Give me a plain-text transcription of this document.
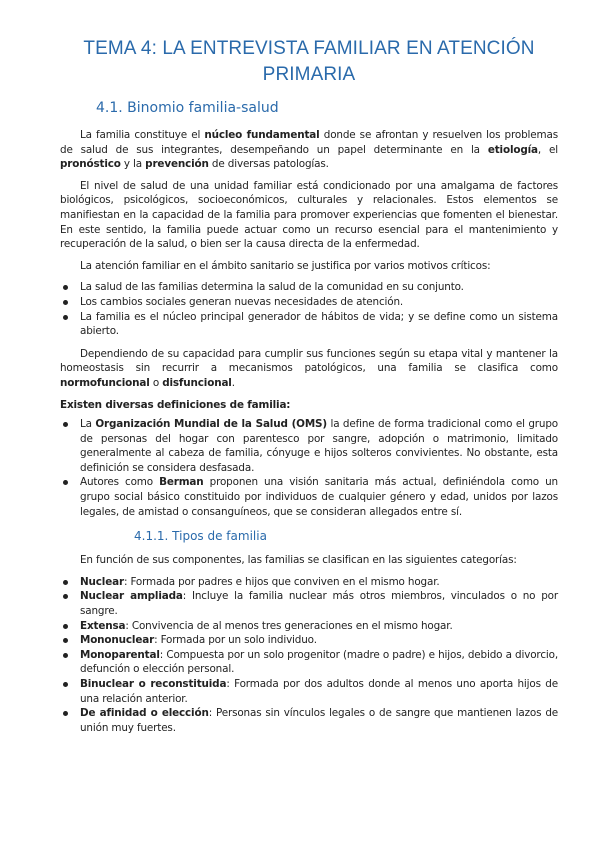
TEMA 4: LA ENTREVISTA FAMILIAR EN ATENCIÓN PRIMARIA
4.1. Binomio familia-salud

La familia constituye el núcleo fundamental donde se afrontan y resuelven los problemas de salud de sus integrantes, desempeñando un papel determinante en la etiología, el pronóstico y la prevención de diversas patologías.

El nivel de salud de una unidad familiar está condicionado por una amalgama de factores biológicos, psicológicos, socioeconómicos, culturales y relacionales. Estos elementos se manifiestan en la capacidad de la familia para promover experiencias que fomenten el bienestar. En este sentido, la familia puede actuar como un recurso esencial para el mantenimiento y recuperación de la salud, o bien ser la causa directa de la enfermedad.

La atención familiar en el ámbito sanitario se justifica por varios motivos críticos:

La salud de las familias determina la salud de la comunidad en su conjunto.
Los cambios sociales generan nuevas necesidades de atención.
La familia es el núcleo principal generador de hábitos de vida; y se define como un sistema abierto.

Dependiendo de su capacidad para cumplir sus funciones según su etapa vital y mantener la homeostasis sin recurrir a mecanismos patológicos, una familia se clasifica como normofuncional o disfuncional.

Existen diversas definiciones de familia:

La Organización Mundial de la Salud (OMS) la define de forma tradicional como el grupo de personas del hogar con parentesco por sangre, adopción o matrimonio, limitado generalmente al cabeza de familia, cónyuge e hijos solteros convivientes. No obstante, esta definición se considera desfasada.
Autores como Berman proponen una visión sanitaria más actual, definiéndola como un grupo social básico constituido por individuos de cualquier género y edad, unidos por lazos legales, de amistad o consanguíneos, que se consideran allegados entre sí.
4.1.1. Tipos de familia

En función de sus componentes, las familias se clasifican en las siguientes categorías:

Nuclear: Formada por padres e hijos que conviven en el mismo hogar.
Nuclear ampliada: Incluye la familia nuclear más otros miembros, vinculados o no por sangre.
Extensa: Convivencia de al menos tres generaciones en el mismo hogar.
Mononuclear: Formada por un solo individuo.
Monoparental: Compuesta por un solo progenitor (madre o padre) e hijos, debido a divorcio, defunción o elección personal.
Binuclear o reconstituida: Formada por dos adultos donde al menos uno aporta hijos de una relación anterior.
De afinidad o elección: Personas sin vínculos legales o de sangre que mantienen lazos de unión muy fuertes.
